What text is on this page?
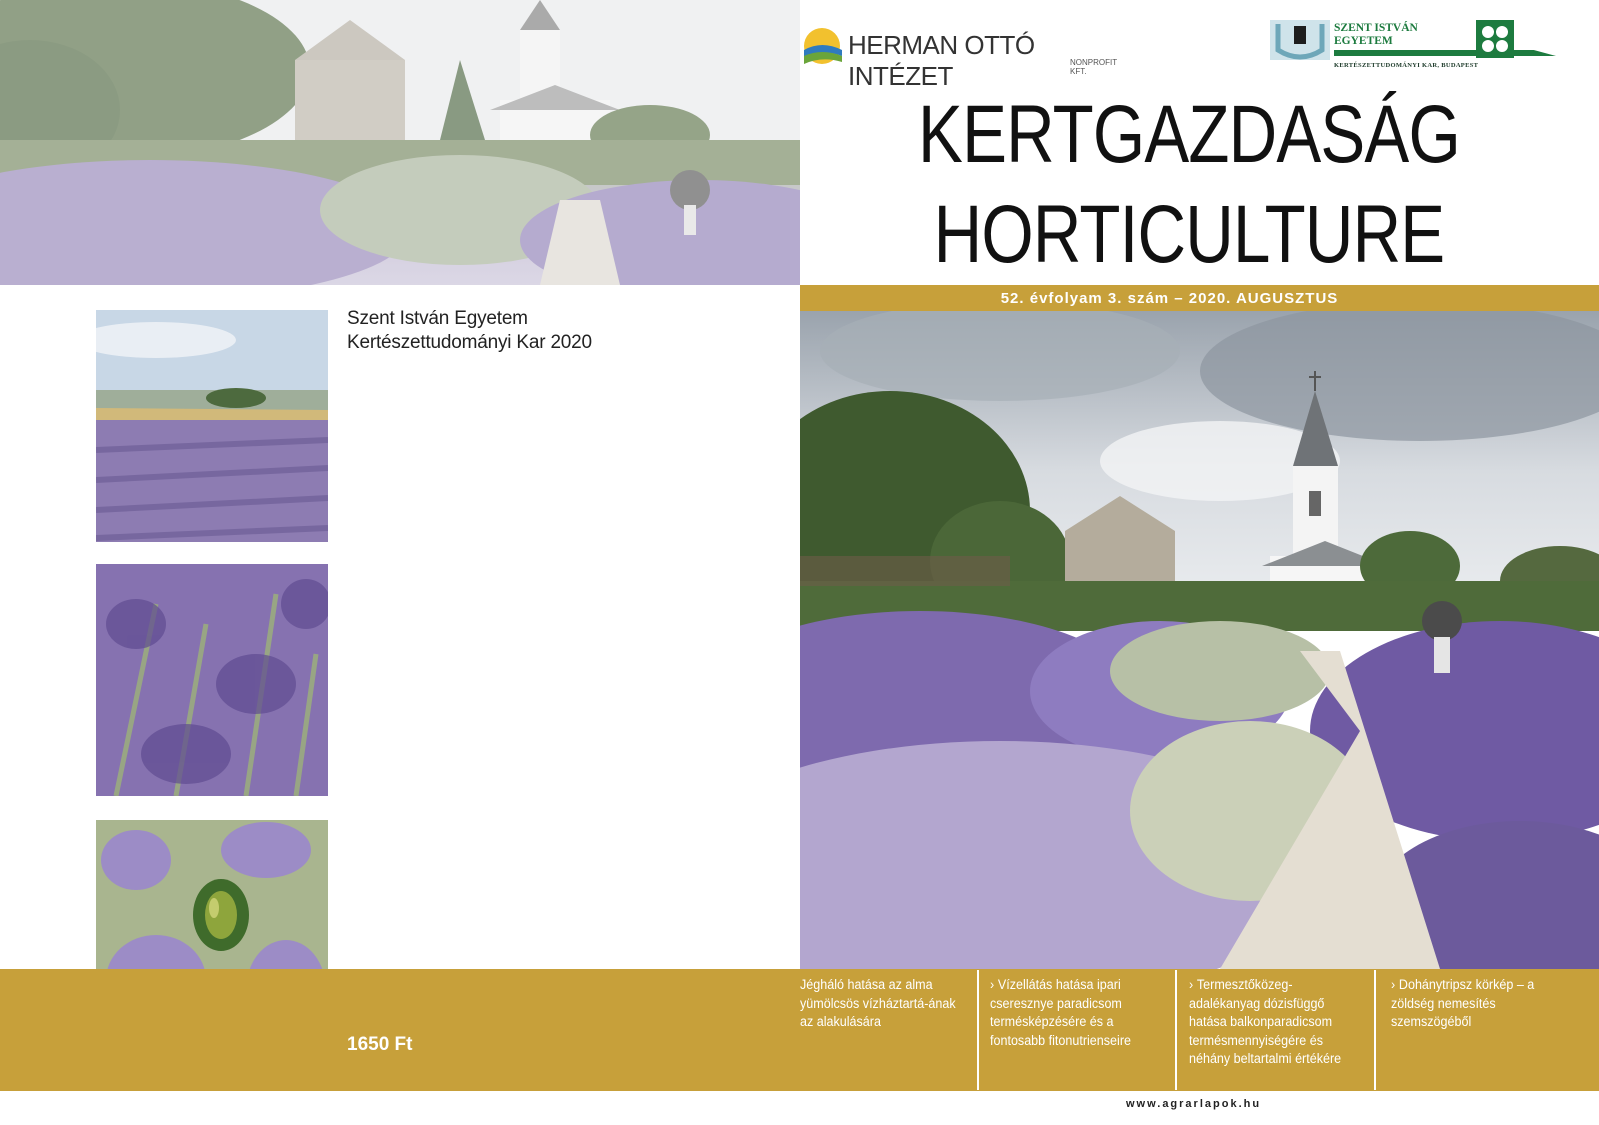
Szent István Egyetem
Kertészettudományi Kar 2020
1650 Ft
HERMAN OTTÓ INTÉZET	NONPROFIT KFT.
SZENT ISTVÁN
EGYETEM
KERTÉSZETTUDOMÁNYI KAR, BUDAPEST
KERTGAZDASÁG
HORTICULTURE
52. évfolyam 3. szám – 2020. AUGUSZTUS
Jégháló hatása az alma yümölcsös vízháztartá-ának az alakulására
› Vízellátás hatása ipari cseresznye paradicsom termésképzésére és a fontosabb fitonutrienseire
› Termesztőközeg-adalékanyag dózisfüggő hatása balkonparadicsom termésmennyiségére és néhány beltartalmi értékére
› Dohánytripsz körkép – a zöldség nemesítés szemszögéből
www.agrarlapok.hu
